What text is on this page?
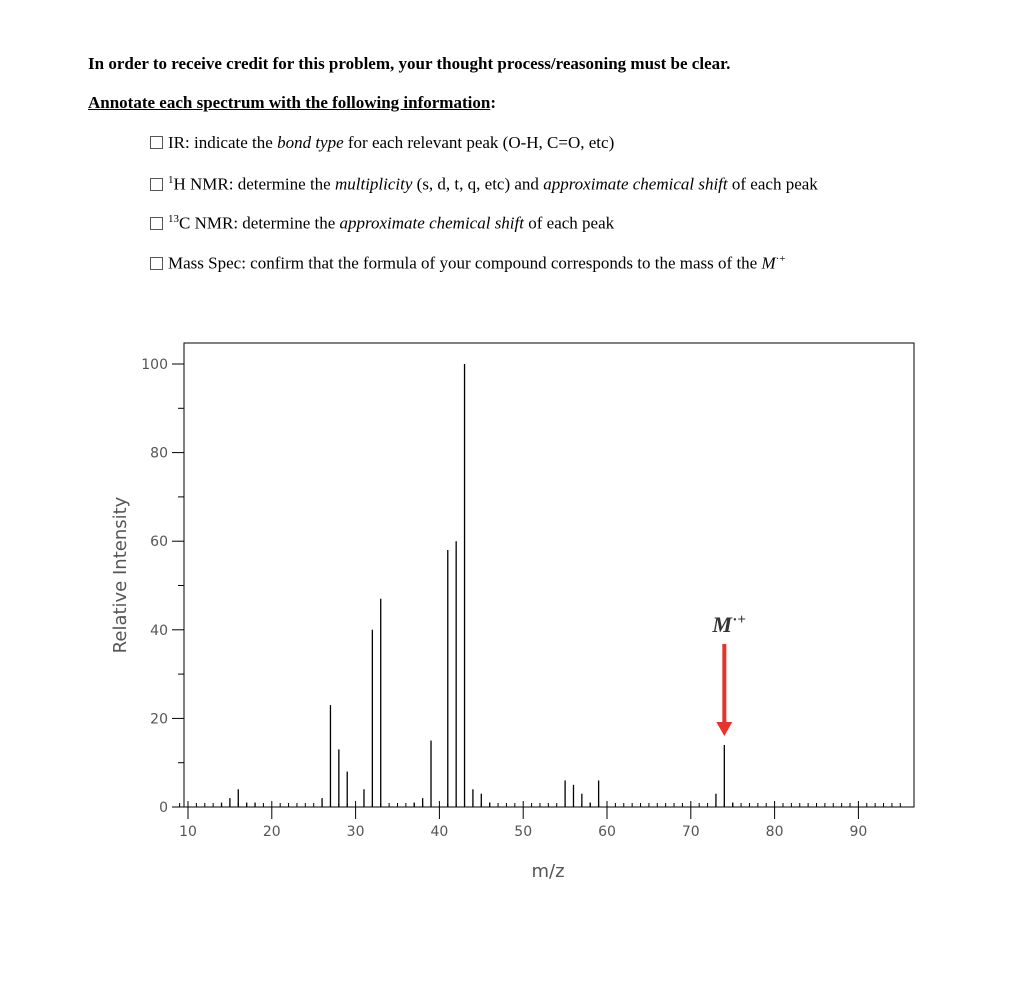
In order to receive credit for this problem, your thought process/reasoning must be clear.
Annotate each spectrum with the following information:
IR: indicate the bond type for each relevant peak (O-H, C=O, etc)
$^1$H NMR: determine the multiplicity (s, d, t, q, etc) and approximate chemical shift of each peak
$^{13}$C NMR: determine the approximate chemical shift of each peak
Mass Spec: confirm that the formula of your compound corresponds to the mass of the M·+
0
20
40
60
80
100
10	20	30	40	50	60	70	80	90
m/z
Relative Intensity	M ·+
